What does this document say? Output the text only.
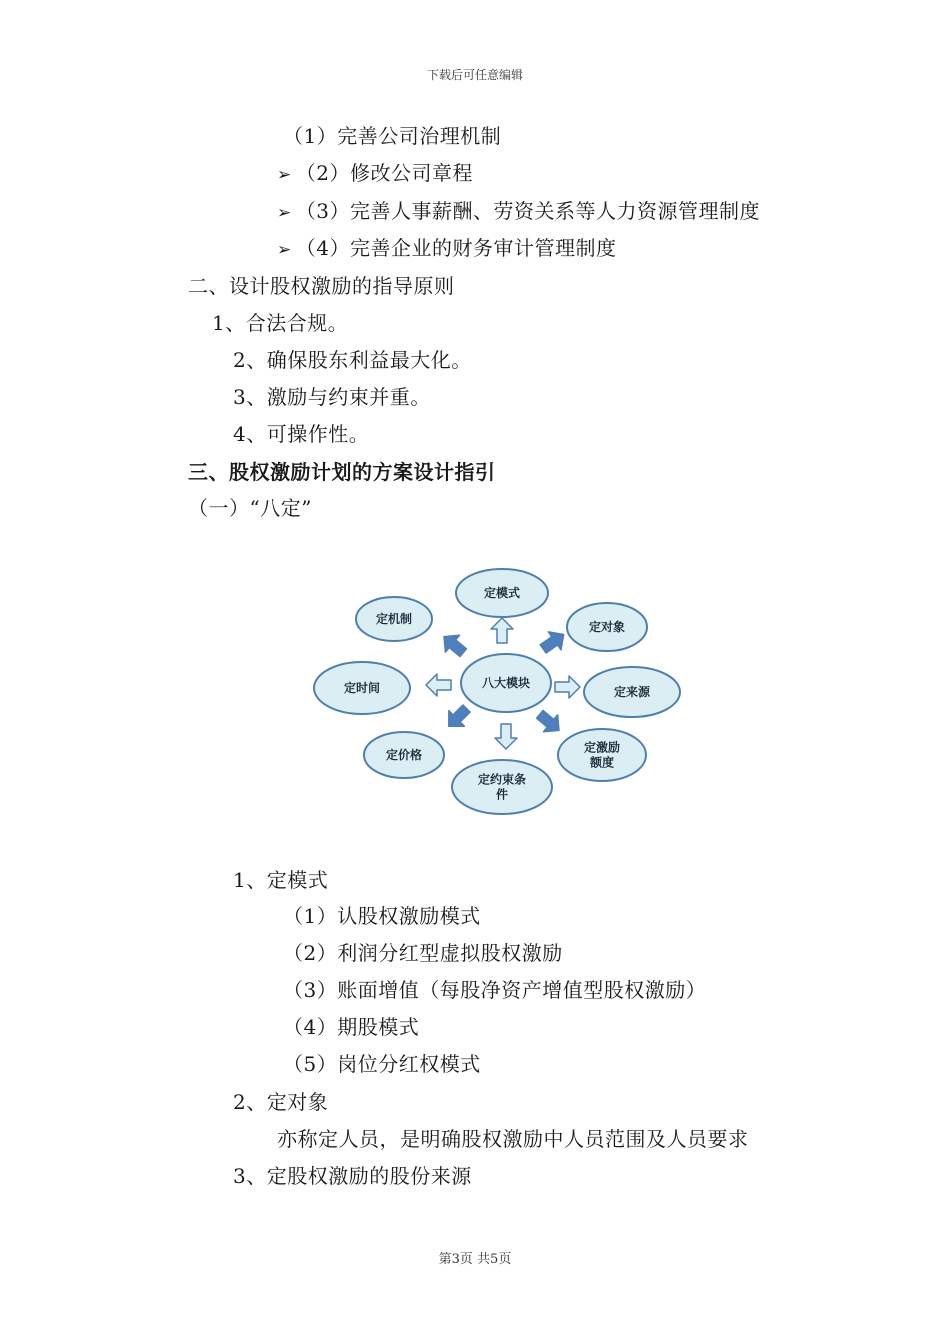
下载后可任意编辑
（1）完善公司治理机制
➢ （2）修改公司章程
➢ （3）完善人事薪酬、劳资关系等人力资源管理制度
➢ （4）完善企业的财务审计管理制度
二、设计股权激励的指导原则
1、合法合规。
2、确保股东利益最大化。
3、激励与约束并重。
4、可操作性。
三、股权激励计划的方案设计指引
（一）“八定”
1、定模式
（1）认股权激励模式
（2）利润分红型虚拟股权激励
（3）账面增值（每股净资产增值型股权激励）
（4）期股模式
（5）岗位分红权模式
2、定对象
亦称定人员，是明确股权激励中人员范围及人员要求
3、定股权激励的股份来源
八大模块
定模式
定对象
定来源
定激励
额度
定约束条
件
定价格
定时间
定机制
第3页 共5页
